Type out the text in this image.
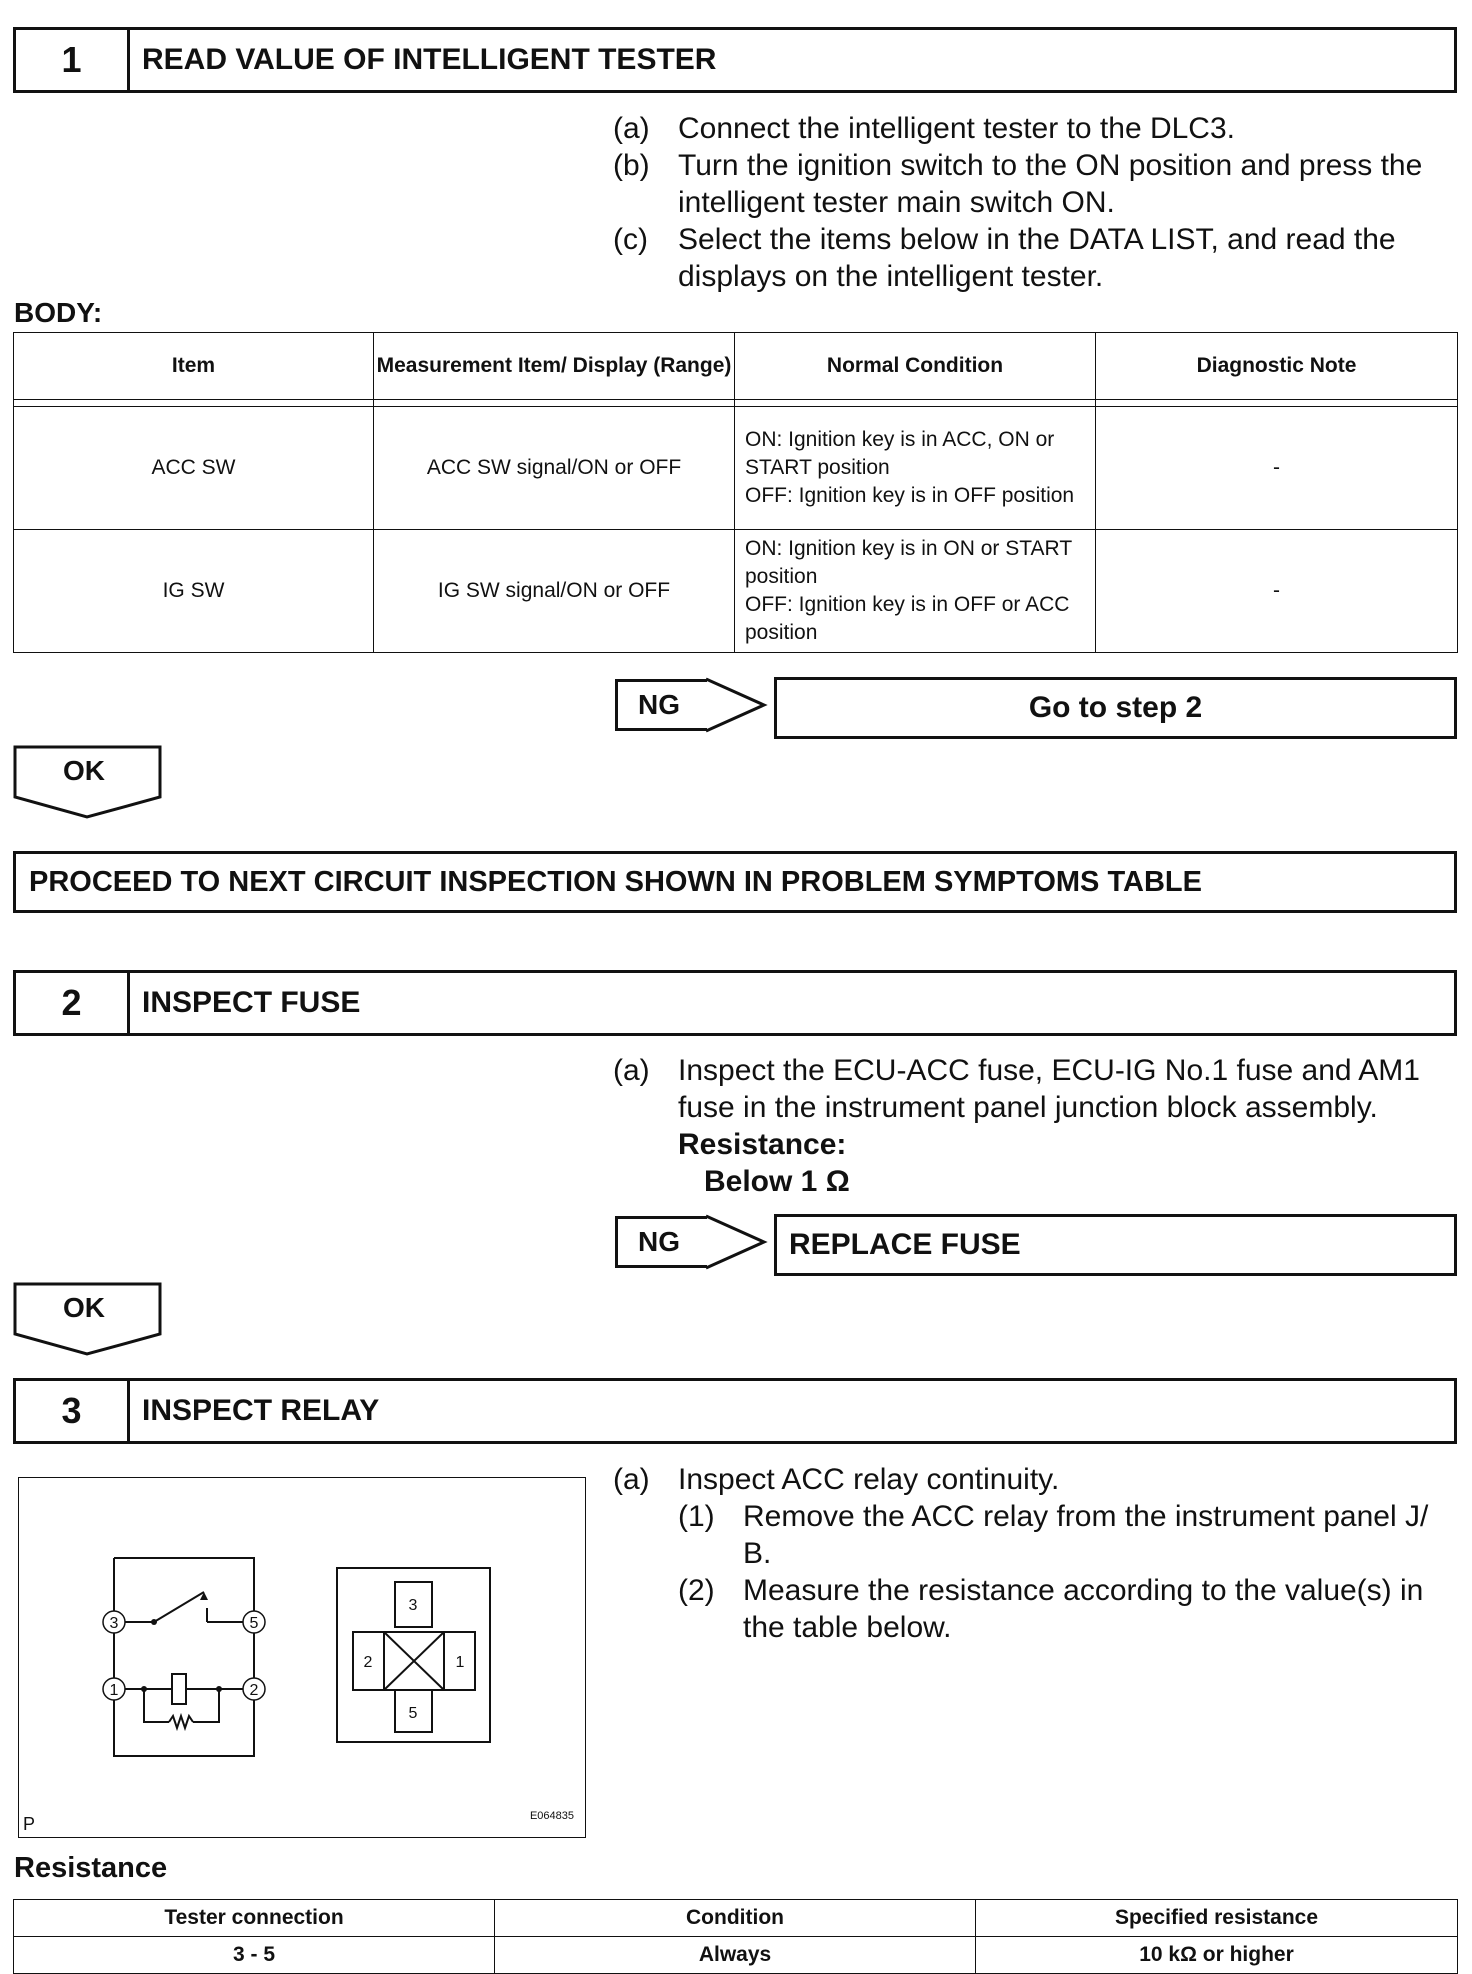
1	READ VALUE OF INTELLIGENT TESTER
(a) Connect the intelligent tester to the DLC3.
(b) Turn the ignition switch to the ON position and press the intelligent tester main switch ON.
(c)	Select the items below in the DATA LIST, and read the displays on the intelligent tester.
BODY:
Item	Measurement Item/ Display (Range)	Normal Condition	Diagnostic Note

ACC SW	ACC SW signal/ON or OFF	ON: Ignition key is in ACC, ON or START position
OFF: Ignition key is in OFF position	-
IG SW	IG SW signal/ON or OFF	ON: Ignition key is in ON or START position
OFF: Ignition key is in OFF or ACC position	-
NG	Go to step 2
OK
PROCEED TO NEXT CIRCUIT INSPECTION SHOWN IN PROBLEM SYMPTOMS TABLE
2	INSPECT FUSE
(a) Inspect the ECU-ACC fuse, ECU-IG No.1 fuse and AM1 fuse in the instrument panel junction block assembly.
Resistance:
Below 1 Ω
NG	REPLACE FUSE
OK
3	INSPECT RELAY
3	5
1	2
3
2	1
5
P	E064835
(a) Inspect ACC relay continuity.
(1) Remove the ACC relay from the instrument panel J/ B.
(2) Measure the resistance according to the value(s) in the table below.
Resistance
Tester connection	Condition	Specified resistance
3 - 5	Always	10 kΩ or higher
